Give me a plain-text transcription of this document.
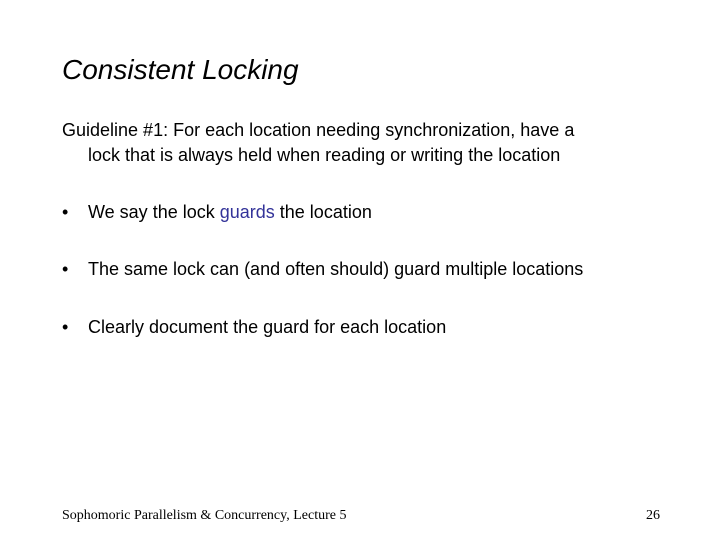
Consistent Locking
Guideline #1: For each location needing synchronization, have a
lock that is always held when reading or writing the location
• We say the lock guards the location
• The same lock can (and often should) guard multiple locations
• Clearly document the guard for each location
Sophomoric Parallelism & Concurrency, Lecture 5	26
